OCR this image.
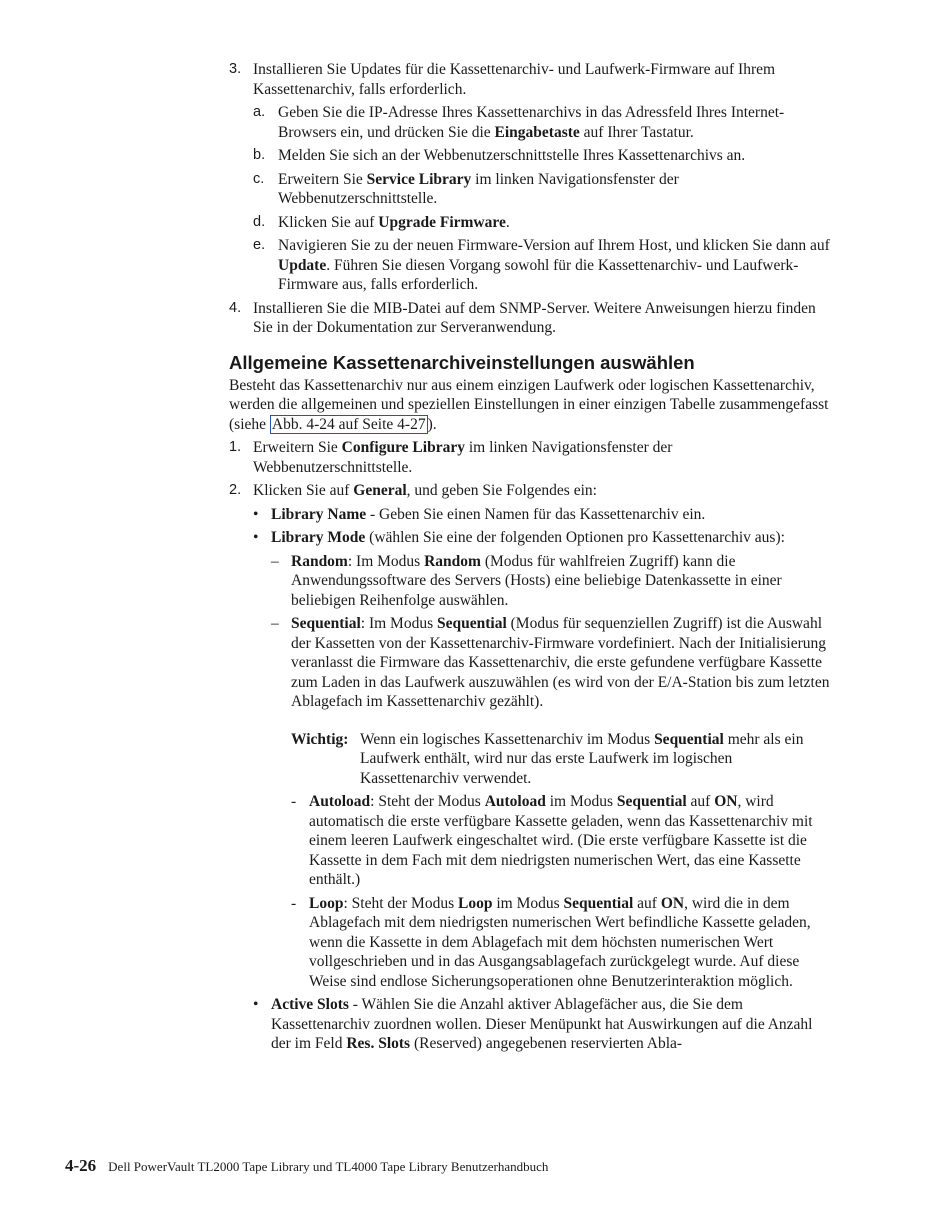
3. Installieren Sie Updates für die Kassettenarchiv- und Laufwerk-Firmware auf Ihrem Kassettenarchiv, falls erforderlich.
a. Geben Sie die IP-Adresse Ihres Kassettenarchivs in das Adressfeld Ihres Internet-Browsers ein, und drücken Sie die Eingabetaste auf Ihrer Tastatur.
b. Melden Sie sich an der Webbenutzerschnittstelle Ihres Kassettenarchivs an.
c. Erweitern Sie Service Library im linken Navigationsfenster der Webbenutzerschnittstelle.
d. Klicken Sie auf Upgrade Firmware.
e. Navigieren Sie zu der neuen Firmware-Version auf Ihrem Host, und klicken Sie dann auf Update. Führen Sie diesen Vorgang sowohl für die Kassettenarchiv- und Laufwerk-Firmware aus, falls erforderlich.
4. Installieren Sie die MIB-Datei auf dem SNMP-Server. Weitere Anweisungen hierzu finden Sie in der Dokumentation zur Serveranwendung.
Allgemeine Kassettenarchiveinstellungen auswählen
Besteht das Kassettenarchiv nur aus einem einzigen Laufwerk oder logischen Kassettenarchiv, werden die allgemeinen und speziellen Einstellungen in einer einzigen Tabelle zusammengefasst (siehe Abb. 4-24 auf Seite 4-27 ).
1. Erweitern Sie Configure Library im linken Navigationsfenster der Webbenutzerschnittstelle.
2. Klicken Sie auf General, und geben Sie Folgendes ein:
• Library Name - Geben Sie einen Namen für das Kassettenarchiv ein.
• Library Mode (wählen Sie eine der folgenden Optionen pro Kassettenarchiv aus):
– Random: Im Modus Random (Modus für wahlfreien Zugriff) kann die Anwendungssoftware des Servers (Hosts) eine beliebige Datenkassette in einer beliebigen Reihenfolge auswählen.
– Sequential: Im Modus Sequential (Modus für sequenziellen Zugriff) ist die Auswahl der Kassetten von der Kassettenarchiv-Firmware vordefiniert. Nach der Initialisierung veranlasst die Firmware das Kassettenarchiv, die erste gefundene verfügbare Kassette zum Laden in das Laufwerk auszuwählen (es wird von der E/A-Station bis zum letzten Ablagefach im Kassettenarchiv gezählt).
Wichtig: Wenn ein logisches Kassettenarchiv im Modus Sequential mehr als ein Laufwerk enthält, wird nur das erste Laufwerk im logischen Kassettenarchiv verwendet.
- Autoload: Steht der Modus Autoload im Modus Sequential auf ON, wird automatisch die erste verfügbare Kassette geladen, wenn das Kassettenarchiv mit einem leeren Laufwerk eingeschaltet wird. (Die erste verfügbare Kassette ist die Kassette in dem Fach mit dem niedrigsten numerischen Wert, das eine Kassette enthält.)
- Loop: Steht der Modus Loop im Modus Sequential auf ON, wird die in dem Ablagefach mit dem niedrigsten numerischen Wert befindliche Kassette geladen, wenn die Kassette in dem Ablagefach mit dem höchsten numerischen Wert vollgeschrieben und in das Ausgangsablagefach zurückgelegt wurde. Auf diese Weise sind endlose Sicherungsoperationen ohne Benutzerinteraktion möglich.
• Active Slots - Wählen Sie die Anzahl aktiver Ablagefächer aus, die Sie dem Kassettenarchiv zuordnen wollen. Dieser Menüpunkt hat Auswirkungen auf die Anzahl der im Feld Res. Slots (Reserved) angegebenen reservierten Abla-
4-26 Dell PowerVault TL2000 Tape Library und TL4000 Tape Library Benutzerhandbuch
